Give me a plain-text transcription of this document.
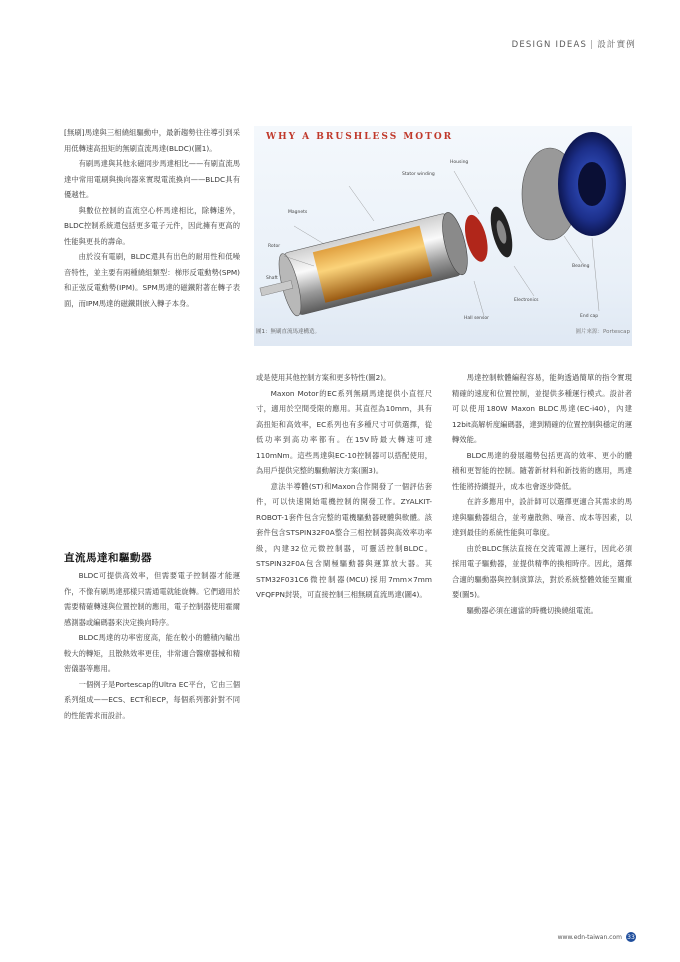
DESIGN IDEAS | 設計實例
WHY A BRUSHLESS MOTOR
Stator winding
Magnets
Rotor
Shaft
Housing
Hall sensor
Electronics
Bearing
End cap
圖1：無刷直流馬達構造。	圖片來源：Portescap

[無刷]馬達與三相繞組驅動中，最新趨勢往往導引到采用低轉速高扭矩的無刷直流馬達(BLDC)(圖1)。

有刷馬達與其他永磁同步馬達相比——有刷直流馬達中常用電刷與換向器來實現電流換向——BLDC具有優越性。

與數位控制的直流空心杯馬達相比，除轉速外，BLDC控制系統還包括更多電子元件，因此擁有更高的性能與更長的壽命。

由於沒有電刷，BLDC還具有出色的耐用性和低噪音特性，並主要有兩種繞組類型：梯形反電動勢(SPM)和正弦反電動勢(IPM)。SPM馬達的磁鐵附著在轉子表面，而IPM馬達的磁鐵則嵌入轉子本身。

直流馬達和驅動器

BLDC可提供高效率，但需要電子控制器才能運作，不像有刷馬達那樣只需通電就能旋轉。它們適用於需要精確轉速與位置控制的應用，電子控制器使用霍爾感測器或編碼器來決定換向時序。

BLDC馬達的功率密度高，能在較小的體積內輸出較大的轉矩，且散熱效率更佳，非常適合醫療器械和精密儀器等應用。

一個例子是Portescap的Ultra EC平台，它由三個系列組成——ECS、ECT和ECP，每個系列都針對不同的性能需求而設計。

或是使用其他控制方案和更多特性(圖2)。

Maxon Motor的EC系列無刷馬達提供小直徑尺寸，適用於空間受限的應用。其直徑為10mm，具有高扭矩和高效率，EC系列也有多種尺寸可供選擇，從低功率到高功率都有。在15V時最大轉速可達110mNm。這些馬達與EC-10控制器可以搭配使用，為用戶提供完整的驅動解決方案(圖3)。

意法半導體(ST)和Maxon合作開發了一個評估套件，可以快速開始電機控制的開發工作。ZYALKIT-ROBOT-1套件包含完整的電機驅動器硬體與軟體。該套件包含STSPIN32F0A整合三相控制器與高效率功率級，內建32位元微控制器，可靈活控制BLDC。STSPIN32F0A包含閘極驅動器與運算放大器。其STM32F031C6微控制器(MCU)採用7mm×7mm VFQFPN封裝，可直接控制三相無刷直流馬達(圖4)。

馬達控制軟體編程容易，能夠透過簡單的指令實現精確的速度和位置控制，並提供多種運行模式。設計者可以使用180W Maxon BLDC馬達(EC-i40)，內建12bit高解析度編碼器，達到精確的位置控制與穩定的運轉效能。

BLDC馬達的發展趨勢包括更高的效率、更小的體積和更智能的控制。隨著新材料和新技術的應用，馬達性能將持續提升，成本也會逐步降低。

在許多應用中，設計師可以選擇更適合其需求的馬達與驅動器組合，並考慮散熱、噪音、成本等因素，以達到最佳的系統性能與可靠度。

由於BLDC無法直接在交流電源上運行，因此必須採用電子驅動器，並提供精準的換相時序。因此，選擇合適的驅動器與控制演算法，對於系統整體效能至關重要(圖5)。

驅動器必須在適當的時機切換繞組電流。

www.edn-taiwan.com 33
